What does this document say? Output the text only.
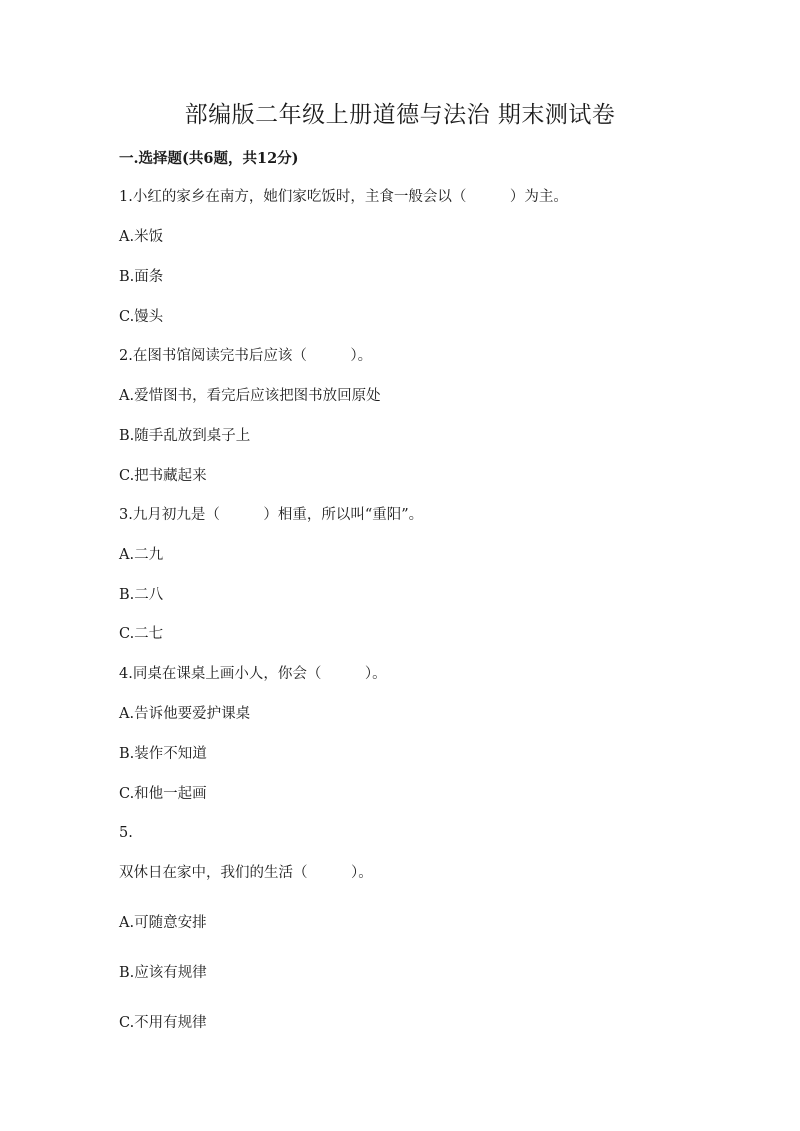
部编版二年级上册道德与法治 期末测试卷
一.选择题(共6题，共12分)

1.小红的家乡在南方，她们家吃饭时，主食一般会以（　　　）为主。

A.米饭

B.面条

C.馒头

2.在图书馆阅读完书后应该（　　　）。

A.爱惜图书，看完后应该把图书放回原处

B.随手乱放到桌子上

C.把书藏起来

3.九月初九是（　　　）相重，所以叫“重阳”。

A.二九

B.二八

C.二七

4.同桌在课桌上画小人，你会（　　　）。

A.告诉他要爱护课桌

B.装作不知道

C.和他一起画

5.

双休日在家中，我们的生活（　　　）。

A.可随意安排

B.应该有规律

C.不用有规律
